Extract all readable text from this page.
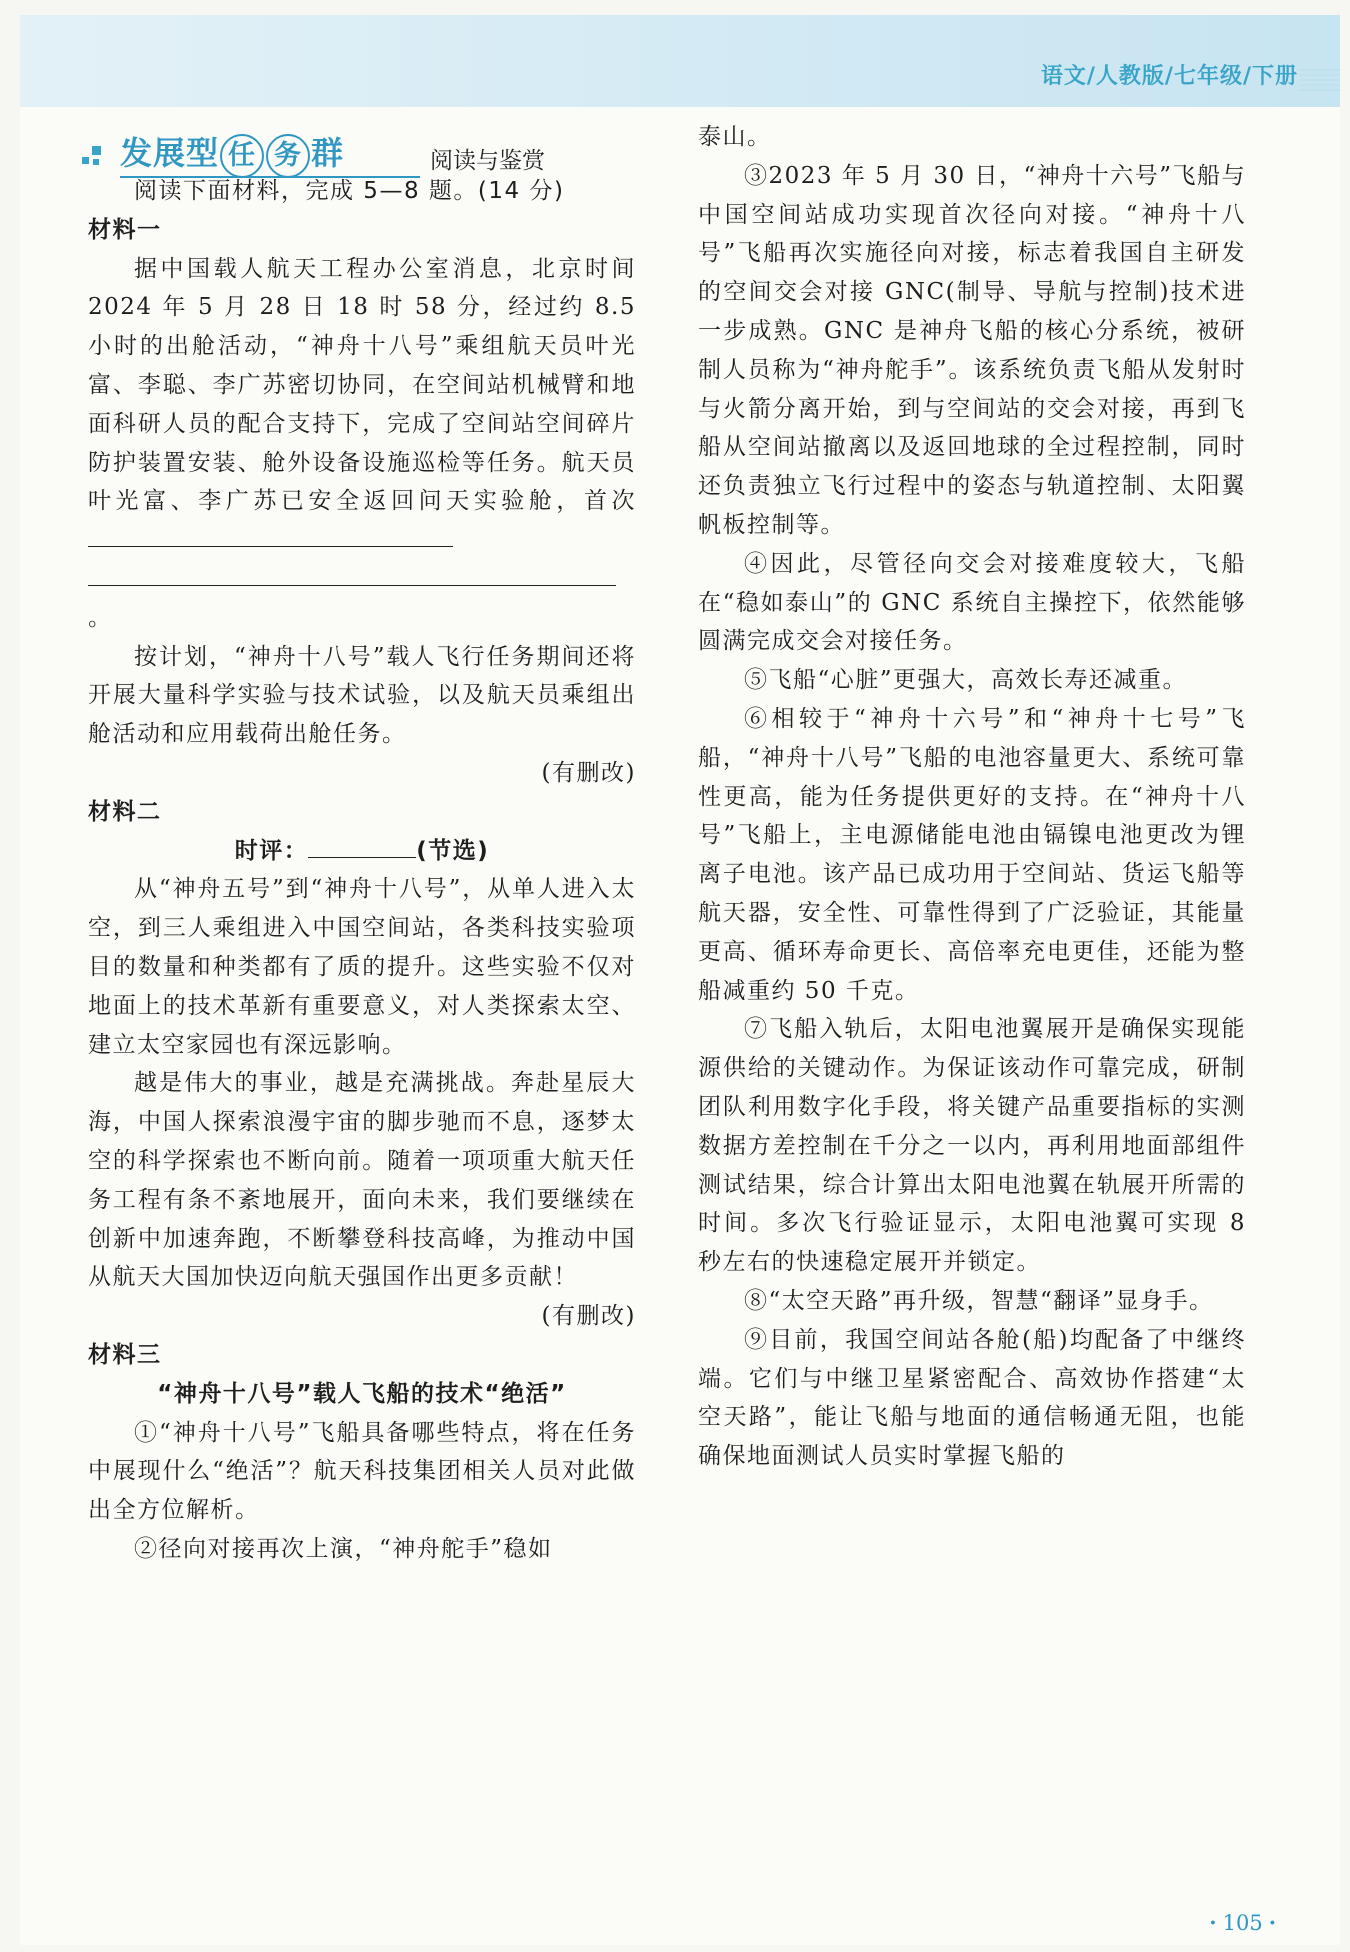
语文/人教版/七年级/下册
发展型 任 务 群	阅读与鉴赏

阅读下面材料，完成 5—8 题。(14 分)

材料一

据中国载人航天工程办公室消息，北京时间 2024 年 5 月 28 日 18 时 58 分，经过约 8.5 小时的出舱活动，“神舟十八号”乘组航天员叶光富、李聪、李广苏密切协同，在空间站机械臂和地面科研人员的配合支持下，完成了空间站空间碎片防护装置安装、舱外设备设施巡检等任务。航天员叶光富、李广苏已安全返回问天实验舱，首次

。

按计划，“神舟十八号”载人飞行任务期间还将开展大量科学实验与技术试验，以及航天员乘组出舱活动和应用载荷出舱任务。

(有删改)

材料二

时评：	(节选)

从“神舟五号”到“神舟十八号”，从单人进入太空，到三人乘组进入中国空间站，各类科技实验项目的数量和种类都有了质的提升。这些实验不仅对地面上的技术革新有重要意义，对人类探索太空、建立太空家园也有深远影响。

越是伟大的事业，越是充满挑战。奔赴星辰大海，中国人探索浪漫宇宙的脚步驰而不息，逐梦太空的科学探索也不断向前。随着一项项重大航天任务工程有条不紊地展开，面向未来，我们要继续在创新中加速奔跑，不断攀登科技高峰，为推动中国从航天大国加快迈向航天强国作出更多贡献！

(有删改)

材料三

“神舟十八号”载人飞船的技术“绝活”

①“神舟十八号”飞船具备哪些特点，将在任务中展现什么“绝活”？航天科技集团相关人员对此做出全方位解析。

②径向对接再次上演，“神舟舵手”稳如

泰山。

③2023 年 5 月 30 日，“神舟十六号”飞船与中国空间站成功实现首次径向对接。“神舟十八号”飞船再次实施径向对接，标志着我国自主研发的空间交会对接 GNC(制导、导航与控制)技术进一步成熟。GNC 是神舟飞船的核心分系统，被研制人员称为“神舟舵手”。该系统负责飞船从发射时与火箭分离开始，到与空间站的交会对接，再到飞船从空间站撤离以及返回地球的全过程控制，同时还负责独立飞行过程中的姿态与轨道控制、太阳翼帆板控制等。

④因此，尽管径向交会对接难度较大，飞船在“稳如泰山”的 GNC 系统自主操控下，依然能够圆满完成交会对接任务。

⑤飞船“心脏”更强大，高效长寿还减重。

⑥相较于“神舟十六号”和“神舟十七号”飞船，“神舟十八号”飞船的电池容量更大、系统可靠性更高，能为任务提供更好的支持。在“神舟十八号”飞船上，主电源储能电池由镉镍电池更改为锂离子电池。该产品已成功用于空间站、货运飞船等航天器，安全性、可靠性得到了广泛验证，其能量更高、循环寿命更长、高倍率充电更佳，还能为整船减重约 50 千克。

⑦飞船入轨后，太阳电池翼展开是确保实现能源供给的关键动作。为保证该动作可靠完成，研制团队利用数字化手段，将关键产品重要指标的实测数据方差控制在千分之一以内，再利用地面部组件测试结果，综合计算出太阳电池翼在轨展开所需的时间。多次飞行验证显示，太阳电池翼可实现 8 秒左右的快速稳定展开并锁定。

⑧“太空天路”再升级，智慧“翻译”显身手。

⑨目前，我国空间站各舱(船)均配备了中继终端。它们与中继卫星紧密配合、高效协作搭建“太空天路”，能让飞船与地面的通信畅通无阻，也能确保地面测试人员实时掌握飞船的

· 105 ·
